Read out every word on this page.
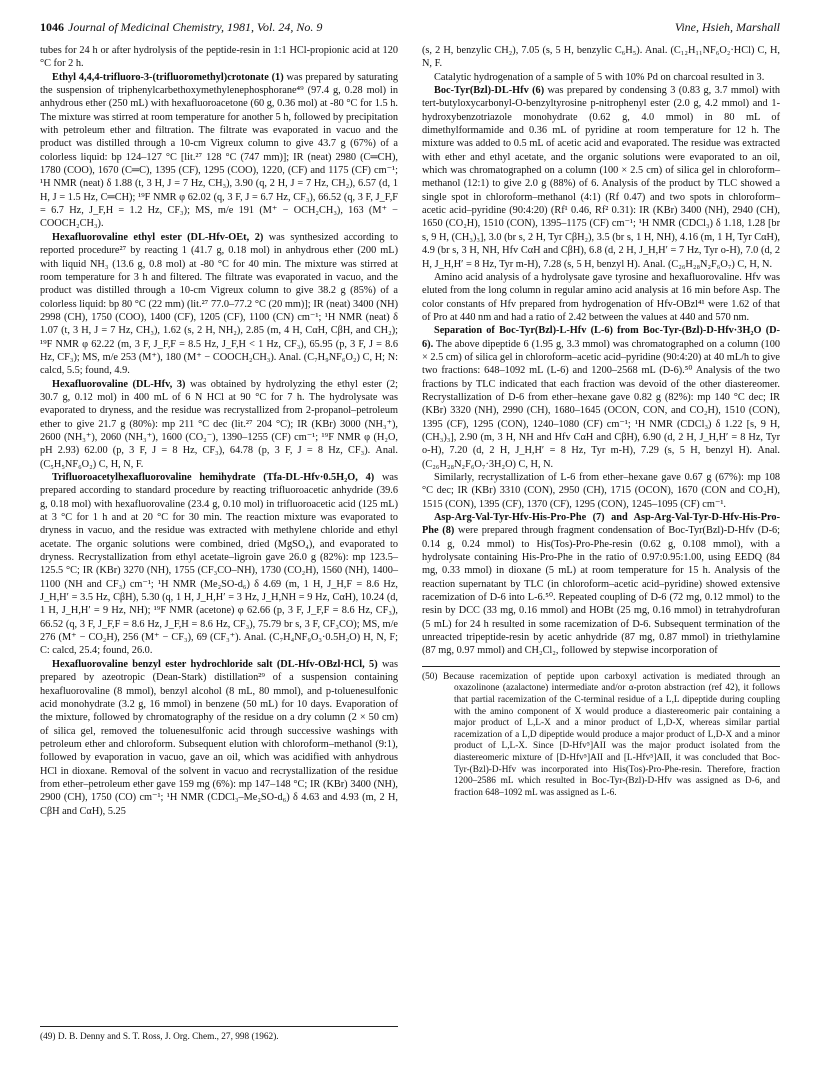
1046 Journal of Medicinal Chemistry, 1981, Vol. 24, No. 9	Vine, Hsieh, Marshall

tubes for 24 h or after hydrolysis of the peptide-resin in 1:1 HCl-propionic acid at 120 °C for 2 h.

Ethyl 4,4,4-trifluoro-3-(trifluoromethyl)crotonate (1) was prepared by saturating the suspension of triphenylcarbethoxymethylenephosphorane⁴⁹ (97.4 g, 0.28 mol) in anhydrous ether (250 mL) with hexafluoroacetone (60 g, 0.36 mol) at -80 °C for 1.5 h. The mixture was stirred at room temperature for another 5 h, followed by precipitation with petroleum ether and filtration. The filtrate was evaporated in vacuo and the product was distilled through a 10-cm Vigreux column to give 43.7 g (67%) of a colorless liquid: bp 124–127 °C [lit.²⁷ 128 °C (747 mm)]; IR (neat) 2980 (C═CH), 1780 (COO), 1670 (C═C), 1395 (CF), 1295 (COO), 1220, (CF) and 1175 (CF) cm⁻¹; ¹H NMR (neat) δ 1.88 (t, 3 H, J = 7 Hz, CH₃), 3.90 (q, 2 H, J = 7 Hz, CH₂), 6.57 (d, 1 H, J = 1.5 Hz, C═CH); ¹⁹F NMR φ 62.02 (q, 3 F, J = 6.7 Hz, CF₃), 66.52 (q, 3 F, J_F,F = 6.7 Hz, J_F,H = 1.2 Hz, CF₃); MS, m/e 191 (M⁺ − OCH₂CH₃), 163 (M⁺ − COOCH₂CH₃).

Hexafluorovaline ethyl ester (DL-Hfv-OEt, 2) was synthesized according to reported procedure²⁷ by reacting 1 (41.7 g, 0.18 mol) in anhydrous ether (200 mL) with liquid NH₃ (13.6 g, 0.8 mol) at -80 °C for 40 min. The mixture was stirred at room temperature for 3 h and filtered. The filtrate was evaporated in vacuo, and the product was distilled through a 10-cm Vigreux column to give 38.2 g (85%) of a colorless liquid: bp 80 °C (22 mm) (lit.²⁷ 77.0–77.2 °C (20 mm)]; IR (neat) 3400 (NH) 2998 (CH), 1750 (COO), 1400 (CF), 1205 (CF), 1100 (CN) cm⁻¹; ¹H NMR (neat) δ 1.07 (t, 3 H, J = 7 Hz, CH₃), 1.62 (s, 2 H, NH₂), 2.85 (m, 4 H, CαH, CβH, and CH₂); ¹⁹F NMR φ 62.22 (m, 3 F, J_F,F = 8.5 Hz, J_F,H < 1 Hz, CF₃), 65.95 (p, 3 F, J = 8.6 Hz, CF₃); MS, m/e 253 (M⁺), 180 (M⁺ − COOCH₂CH₃). Anal. (C₇H₉NF₆O₂) C, H; N: calcd, 5.5; found, 4.9.

Hexafluorovaline (DL-Hfv, 3) was obtained by hydrolyzing the ethyl ester (2; 30.7 g, 0.12 mol) in 400 mL of 6 N HCl at 90 °C for 7 h. The hydrolysate was evaporated to dryness, and the residue was recrystallized from 2-propanol–petroleum ether to give 21.7 g (80%): mp 211 °C dec (lit.²⁷ 204 °C); IR (KBr) 3000 (NH₃⁺), 2600 (NH₃⁺), 2060 (NH₃⁺), 1600 (CO₂⁻), 1390–1255 (CF) cm⁻¹; ¹⁹F NMR φ (H₂O, pH 2.93) 62.00 (p, 3 F, J = 8 Hz, CF₃), 64.78 (p, 3 F, J = 8 Hz, CF₃). Anal. (C₅H₅NF₆O₂) C, H, N, F.

Trifluoroacetylhexafluorovaline hemihydrate (Tfa-DL-Hfv·0.5H₂O, 4) was prepared according to standard procedure by reacting trifluoroacetic anhydride (39.6 g, 0.18 mol) with hexafluorovaline (23.4 g, 0.10 mol) in trifluoroacetic acid (125 mL) at 3 °C for 1 h and at 20 °C for 30 min. The reaction mixture was evaporated to dryness in vacuo, and the residue was extracted with methylene chloride and ethyl acetate. The organic solutions were combined, dried (MgSO₄), and evaporated to dryness. Recrystallization from ethyl acetate–ligroin gave 26.0 g (82%): mp 123.5–125.5 °C; IR (KBr) 3270 (NH), 1755 (CF₃CO–NH), 1730 (CO₂H), 1560 (NH), 1400–1100 (NH and CF₃) cm⁻¹; ¹H NMR (Me₂SO-d₆) δ 4.69 (m, 1 H, J_H,F = 8.6 Hz, J_H,H′ = 3.5 Hz, CβH), 5.30 (q, 1 H, J_H,H′ = 3 Hz, J_H,NH = 9 Hz, CαH), 10.24 (d, 1 H, J_H,H′ = 9 Hz, NH); ¹⁹F NMR (acetone) φ 62.66 (p, 3 F, J_F,F = 8.6 Hz, CF₃), 66.52 (q, 3 F, J_F,F = 8.6 Hz, J_F,H = 8.6 Hz, CF₃), 75.79 br s, 3 F, CF₃CO); MS, m/e 276 (M⁺ − CO₂H), 256 (M⁺ − CF₃), 69 (CF₃⁺). Anal. (C₇H₄NF₉O₃·0.5H₂O) H, N, F; C: calcd, 25.4; found, 26.0.

Hexafluorovaline benzyl ester hydrochloride salt (DL-Hfv-OBzl·HCl, 5) was prepared by azeotropic (Dean-Stark) distillation²⁹ of a suspension containing hexafluorovaline (8 mmol), benzyl alcohol (8 mL, 80 mmol), and p-toluenesulfonic acid monohydrate (3.2 g, 16 mmol) in benzene (50 mL) for 10 days. Evaporation of the mixture, followed by chromatography of the residue on a dry column (2 × 50 cm) of silica gel, removed the toluenesulfonic acid through successive washings with petroleum ether and chloroform. Subsequent elution with chloroform–methanol (9:1), followed by evaporation in vacuo, gave an oil, which was acidified with anhydrous HCl in dioxane. Removal of the solvent in vacuo and recrystallization of the residue from ether–petroleum ether gave 159 mg (6%): mp 147–148 °C; IR (KBr) 3400 (NH), 2900 (CH), 1750 (CO) cm⁻¹; ¹H NMR (CDCl₃–Me₂SO-d₆) δ 4.63 and 4.93 (m, 2 H, CβH and CαH), 5.25

(49) D. B. Denny and S. T. Ross, J. Org. Chem., 27, 998 (1962).

(s, 2 H, benzylic CH₂), 7.05 (s, 5 H, benzylic C₆H₅). Anal. (C₁₂H₁₁NF₆O₂·HCl) C, H, N, F.

Catalytic hydrogenation of a sample of 5 with 10% Pd on charcoal resulted in 3.

Boc-Tyr(Bzl)-DL-Hfv (6) was prepared by condensing 3 (0.83 g, 3.7 mmol) with tert-butyloxycarbonyl-O-benzyltyrosine p-nitrophenyl ester (2.0 g, 4.2 mmol) and 1-hydroxybenzotriazole monohydrate (0.62 g, 4.0 mmol) in 80 mL of dimethylformamide and 0.36 mL of pyridine at room temperature for 12 h. The mixture was added to 0.5 mL of acetic acid and evaporated. The residue was extracted with ether and ethyl acetate, and the organic solutions were evaporated to an oil, which was chromatographed on a column (100 × 2.5 cm) of silica gel in chloroform–methanol (12:1) to give 2.0 g (88%) of 6. Analysis of the product by TLC showed a single spot in chloroform–methanol (4:1) (Rf 0.47) and two spots in chloroform–acetic acid–pyridine (90:4:20) (Rf¹ 0.46, Rf² 0.31): IR (KBr) 3400 (NH), 2940 (CH), 1650 (CO₂H), 1510 (CON), 1395–1175 (CF) cm⁻¹; ¹H NMR (CDCl₃) δ 1.18, 1.28 [br s, 9 H, (CH₃)₃], 3.0 (br s, 2 H, Tyr CβH₂), 3.5 (br s, 1 H, NH), 4.16 (m, 1 H, Tyr CαH), 4.9 (br s, 3 H, NH, Hfv CαH and CβH), 6.8 (d, 2 H, J_H,H′ = 7 Hz, Tyr o-H), 7.0 (d, 2 H, J_H,H′ = 8 Hz, Tyr m-H), 7.28 (s, 5 H, benzyl H). Anal. (C₂₆H₂₈N₂F₆O₇) C, H, N.

Amino acid analysis of a hydrolysate gave tyrosine and hexafluorovaline. Hfv was eluted from the long column in regular amino acid analysis at 16 min before Asp. The color constants of Hfv prepared from hydrogenation of Hfv-OBzl⁴¹ were 1.62 of that of Pro at 440 nm and had a ratio of 2.42 between the values at 440 and 570 nm.

Separation of Boc-Tyr(Bzl)-L-Hfv (L-6) from Boc-Tyr-(Bzl)-D-Hfv·3H₂O (D-6). The above dipeptide 6 (1.95 g, 3.3 mmol) was chromatographed on a column (100 × 2.5 cm) of silica gel in chloroform–acetic acid–pyridine (90:4:20) at 40 mL/h to give two fractions: 648–1092 mL (L-6) and 1200–2568 mL (D-6).⁵⁰ Analysis of the two fractions by TLC indicated that each fraction was devoid of the other diastereomer. Recrystallization of D-6 from ether–hexane gave 0.82 g (82%): mp 140 °C dec; IR (KBr) 3320 (NH), 2990 (CH), 1680–1645 (OCON, CON, and CO₂H), 1510 (CON), 1395 (CF), 1295 (CON), 1240–1080 (CF) cm⁻¹; ¹H NMR (CDCl₃) δ 1.22 [s, 9 H, (CH₃)₃], 2.90 (m, 3 H, NH and Hfv CαH and CβH), 6.90 (d, 2 H, J_H,H′ = 8 Hz, Tyr o-H), 7.20 (d, 2 H, J_H,H′ = 8 Hz, Tyr m-H), 7.29 (s, 5 H, benzyl H). Anal. (C₂₆H₂₈N₂F₆O₇·3H₂O) C, H, N.

Similarly, recrystallization of L-6 from ether–hexane gave 0.67 g (67%): mp 108 °C dec; IR (KBr) 3310 (CON), 2950 (CH), 1715 (OCON), 1670 (CON and CO₂H), 1515 (CON), 1395 (CF), 1370 (CF), 1295 (CON), 1245–1095 (CF) cm⁻¹.

Asp-Arg-Val-Tyr-Hfv-His-Pro-Phe (7) and Asp-Arg-Val-Tyr-D-Hfv-His-Pro-Phe (8) were prepared through fragment condensation of Boc-Tyr(Bzl)-D-Hfv (D-6; 0.14 g, 0.24 mmol) to His(Tos)-Pro-Phe-resin (0.62 g, 0.108 mmol), with a hydrolysate containing His-Pro-Phe in the ratio of 0.97:0.95:1.00, using EEDQ (84 mg, 0.33 mmol) in dioxane (5 mL) at room temperature for 15 h. Analysis of the reaction supernatant by TLC (in chloroform–acetic acid–pyridine) showed extensive racemization of D-6 into L-6.⁵⁰. Repeated coupling of D-6 (72 mg, 0.12 mmol) to the resin by DCC (33 mg, 0.16 mmol) and HOBt (25 mg, 0.16 mmol) in tetrahydrofuran (5 mL) for 24 h resulted in some racemization of D-6. Subsequent termination of the unreacted tripeptide-resin by acetic anhydride (87 mg, 0.87 mmol) in triethylamine (87 mg, 0.97 mmol) and CH₂Cl₂, followed by stepwise incorporation of

(50) Because racemization of peptide upon carboxyl activation is mediated through an oxazolinone (azalactone) intermediate and/or α-proton abstraction (ref 42), it follows that partial racemization of the C-terminal residue of a L,L dipeptide during coupling with the amino component of X would produce a diastereomeric pair containing a major product of L,L-X and a minor product of L,D-X, whereas similar partial racemization of a L,D dipeptide would produce a major product of L,D-X and a minor product of L,L-X. Since [D-Hfv⁵]AII was the major product isolated from the diastereomeric mixture of [D-Hfv⁵]AII and [L-Hfv⁵]AII, it was concluded that Boc-Tyr-(Bzl)-D-Hfv was incorporated into His(Tos)-Pro-Phe-resin. Therefore, fraction 1200–2586 mL which resulted in Boc-Tyr-(Bzl)-D-Hfv was assigned as D-6, and fraction 648–1092 mL was assigned as L-6.
